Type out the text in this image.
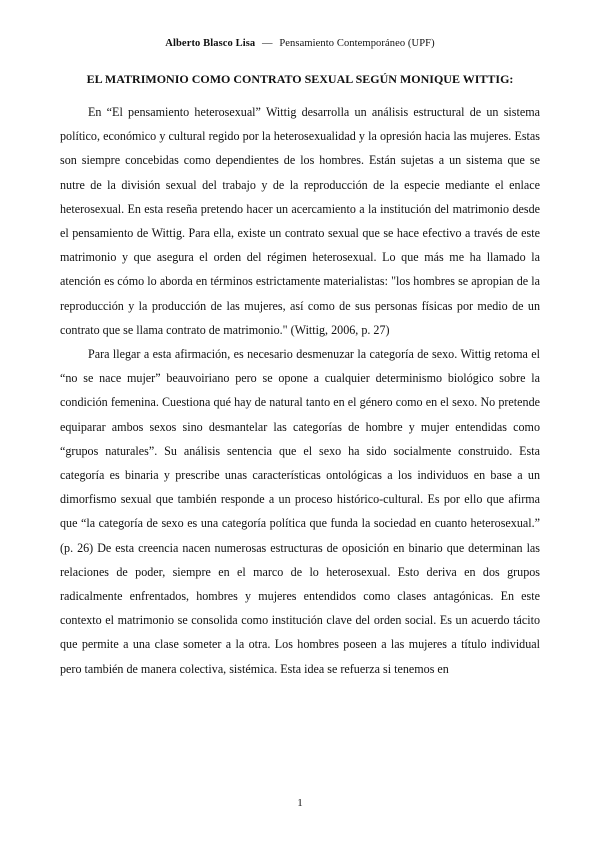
Alberto Blasco Lisa — Pensamiento Contemporáneo (UPF)
EL MATRIMONIO COMO CONTRATO SEXUAL SEGÚN MONIQUE WITTIG:

En “El pensamiento heterosexual” Wittig desarrolla un análisis estructural de un sistema político, económico y cultural regido por la heterosexualidad y la opresión hacia las mujeres. Estas son siempre concebidas como dependientes de los hombres. Están sujetas a un sistema que se nutre de la división sexual del trabajo y de la reproducción de la especie mediante el enlace heterosexual. En esta reseña pretendo hacer un acercamiento a la institución del matrimonio desde el pensamiento de Wittig. Para ella, existe un contrato sexual que se hace efectivo a través de este matrimonio y que asegura el orden del régimen heterosexual. Lo que más me ha llamado la atención es cómo lo aborda en términos estrictamente materialistas: "los hombres se apropian de la reproducción y la producción de las mujeres, así como de sus personas físicas por medio de un contrato que se llama contrato de matrimonio." (Wittig, 2006, p. 27)

Para llegar a esta afirmación, es necesario desmenuzar la categoría de sexo. Wittig retoma el “no se nace mujer” beauvoiriano pero se opone a cualquier determinismo biológico sobre la condición femenina. Cuestiona qué hay de natural tanto en el género como en el sexo. No pretende equiparar ambos sexos sino desmantelar las categorías de hombre y mujer entendidas como “grupos naturales”. Su análisis sentencia que el sexo ha sido socialmente construido. Esta categoría es binaria y prescribe unas características ontológicas a los individuos en base a un dimorfismo sexual que también responde a un proceso histórico-cultural. Es por ello que afirma que “la categoría de sexo es una categoría política que funda la sociedad en cuanto heterosexual.” (p. 26) De esta creencia nacen numerosas estructuras de oposición en binario que determinan las relaciones de poder, siempre en el marco de lo heterosexual. Esto deriva en dos grupos radicalmente enfrentados, hombres y mujeres entendidos como clases antagónicas. En este contexto el matrimonio se consolida como institución clave del orden social. Es un acuerdo tácito que permite a una clase someter a la otra. Los hombres poseen a las mujeres a título individual pero también de manera colectiva, sistémica. Esta idea se refuerza si tenemos en

1
